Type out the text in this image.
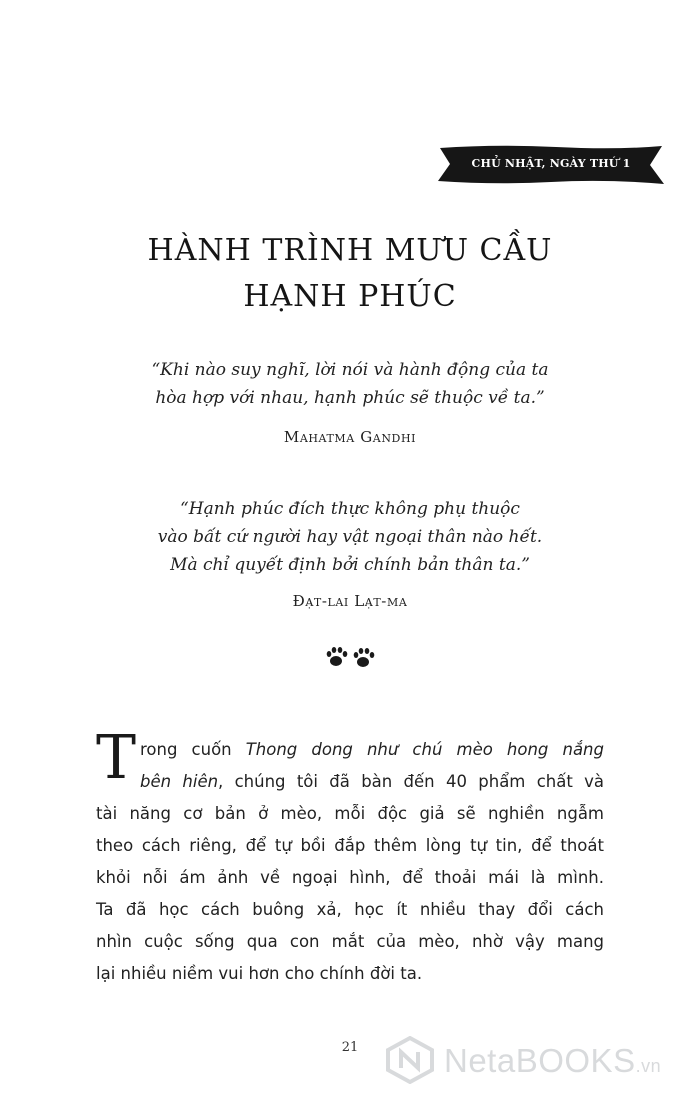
CHỦ NHẬT, NGÀY THỨ 1
HÀNH TRÌNH MƯU CẦU
HẠNH PHÚC
“Khi nào suy nghĩ, lời nói và hành động của ta
hòa hợp với nhau, hạnh phúc sẽ thuộc về ta.”
Mahatma Gandhi
“Hạnh phúc đích thực không phụ thuộc
vào bất cứ người hay vật ngoại thân nào hết.
Mà chỉ quyết định bởi chính bản thân ta.”
Đạt-lai Lạt-ma
T rong cuốn Thong dong như chú mèo hong nắng
bên hiên, chúng tôi đã bàn đến 40 phẩm chất và
tài năng cơ bản ở mèo, mỗi độc giả sẽ nghiền ngẫm
theo cách riêng, để tự bồi đắp thêm lòng tự tin, để thoát
khỏi nỗi ám ảnh về ngoại hình, để thoải mái là mình.
Ta đã học cách buông xả, học ít nhiều thay đổi cách
nhìn cuộc sống qua con mắt của mèo, nhờ vậy mang
lại nhiều niềm vui hơn cho chính đời ta.
21	NetaBOOKS.vn
